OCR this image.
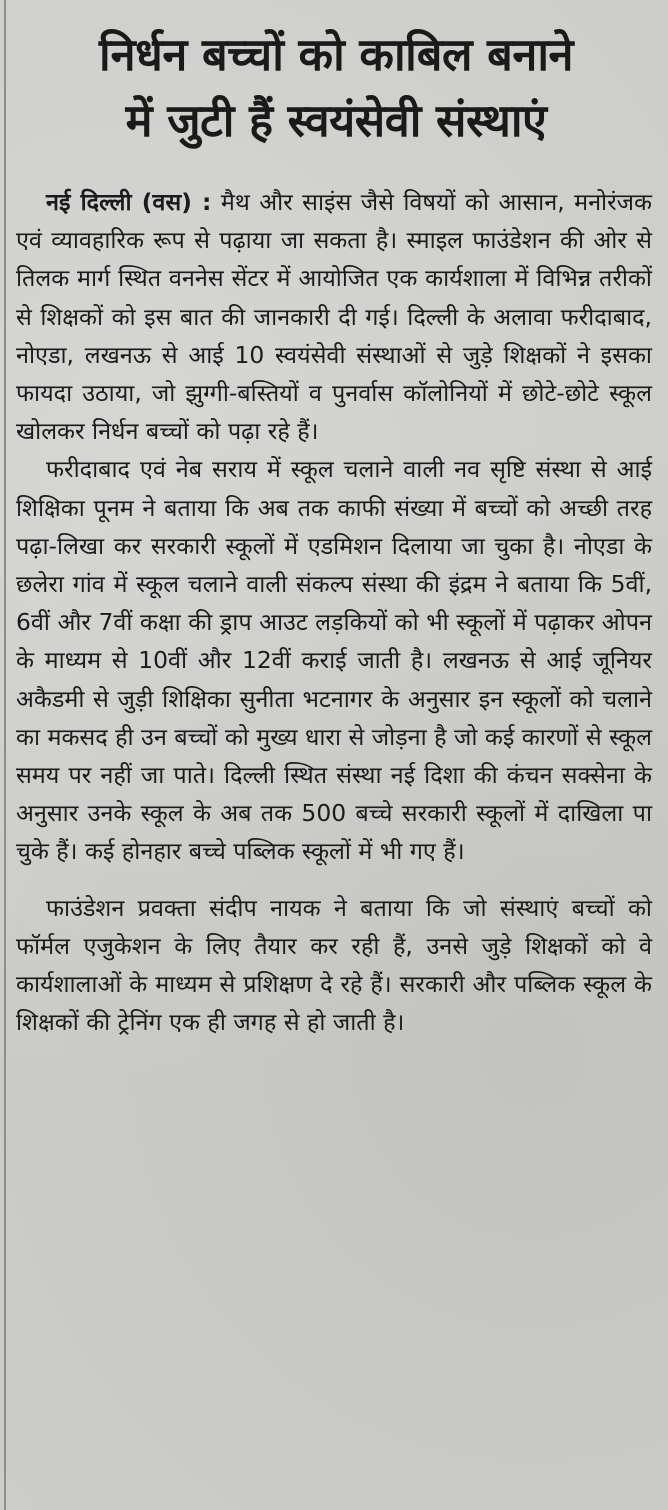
निर्धन बच्चों को काबिल बनाने
में जुटी हैं स्वयंसेवी संस्थाएं

नई दिल्ली (वस) : मैथ और साइंस जैसे विषयों को आसान, मनोरंजक एवं व्यावहारिक रूप से पढ़ाया जा सकता है। स्माइल फाउंडेशन की ओर से तिलक मार्ग स्थित वननेस सेंटर में आयोजित एक कार्यशाला में विभिन्न तरीकों से शिक्षकों को इस बात की जानकारी दी गई। दिल्ली के अलावा फरीदाबाद, नोएडा, लखनऊ से आई 10 स्वयंसेवी संस्थाओं से जुड़े शिक्षकों ने इसका फायदा उठाया, जो झुग्गी-बस्तियों व पुनर्वास कॉलोनियों में छोटे-छोटे स्कूल खोलकर निर्धन बच्चों को पढ़ा रहे हैं।

फरीदाबाद एवं नेब सराय में स्कूल चलाने वाली नव सृष्टि संस्था से आई शिक्षिका पूनम ने बताया कि अब तक काफी संख्या में बच्चों को अच्छी तरह पढ़ा-लिखा कर सरकारी स्कूलों में एडमिशन दिलाया जा चुका है। नोएडा के छलेरा गांव में स्कूल चलाने वाली संकल्प संस्था की इंद्रम ने बताया कि 5वीं, 6वीं और 7वीं कक्षा की ड्राप आउट लड़कियों को भी स्कूलों में पढ़ाकर ओपन के माध्यम से 10वीं और 12वीं कराई जाती है। लखनऊ से आई जूनियर अकैडमी से जुड़ी शिक्षिका सुनीता भटनागर के अनुसार इन स्कूलों को चलाने का मकसद ही उन बच्चों को मुख्य धारा से जोड़ना है जो कई कारणों से स्कूल समय पर नहीं जा पाते। दिल्ली स्थित संस्था नई दिशा की कंचन सक्सेना के अनुसार उनके स्कूल के अब तक 500 बच्चे सरकारी स्कूलों में दाखिला पा चुके हैं। कई होनहार बच्चे पब्लिक स्कूलों में भी गए हैं।

फाउंडेशन प्रवक्ता संदीप नायक ने बताया कि जो संस्थाएं बच्चों को फॉर्मल एजुकेशन के लिए तैयार कर रही हैं, उनसे जुड़े शिक्षकों को वे कार्यशालाओं के माध्यम से प्रशिक्षण दे रहे हैं। सरकारी और पब्लिक स्कूल के शिक्षकों की ट्रेनिंग एक ही जगह से हो जाती है।
